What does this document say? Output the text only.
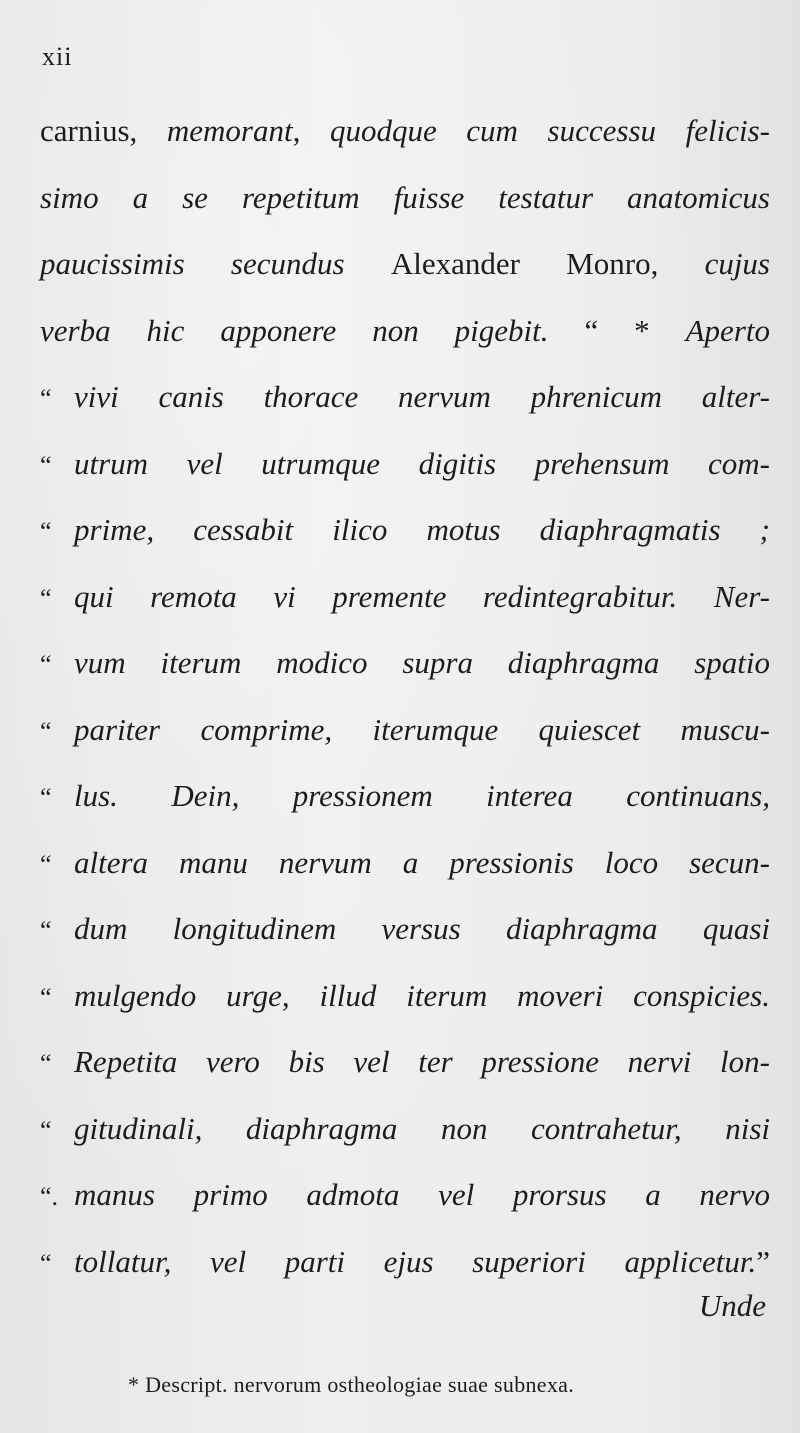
xii
carnius, memorant, quodque cum successu felicis-
simo a se repetitum fuisse testatur anatomicus
paucissimis secundus Alexander Monro, cujus
verba hic apponere non pigebit. “ * Aperto
“ vivi canis thorace nervum phrenicum alter-
“ utrum vel utrumque digitis prehensum com-
“ prime, cessabit ilico motus diaphragmatis ;
“ qui remota vi premente redintegrabitur. Ner-
“ vum iterum modico supra diaphragma spatio
“ pariter comprime, iterumque quiescet muscu-
“ lus. Dein, pressionem interea continuans,
“ altera manu nervum a pressionis loco secun-
“ dum longitudinem versus diaphragma quasi
“ mulgendo urge, illud iterum moveri conspicies.
“ Repetita vero bis vel ter pressione nervi lon-
“ gitudinali, diaphragma non contrahetur, nisi
“. manus primo admota vel prorsus a nervo
“ tollatur, vel parti ejus superiori applicetur.”
Unde
* Descript. nervorum ostheologiae suae subnexa.
